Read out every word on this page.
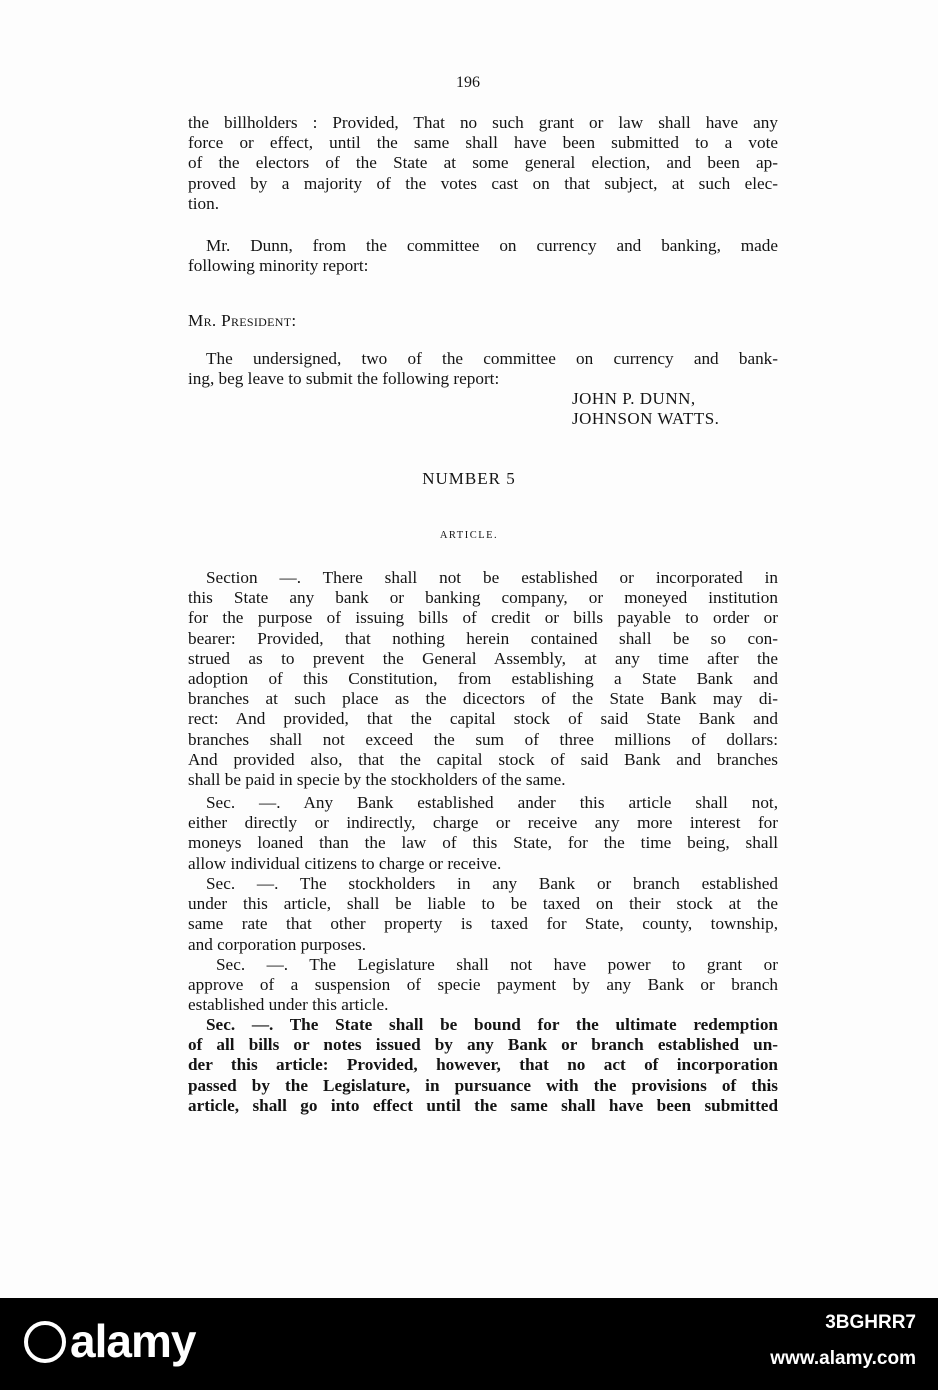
196
the billholders : Provided, That no such grant or law shall have any
force or effect, until the same shall have been submitted to a vote
of the electors of the State at some general election, and been ap-
proved by a majority of the votes cast on that subject, at such elec-
tion.
Mr. Dunn, from the committee on currency and banking, made
following minority report:
Mr. President:
The undersigned, two of the committee on currency and bank-
ing, beg leave to submit the following report:
JOHN P. DUNN,
JOHNSON WATTS.
NUMBER 5
ARTICLE.
Section —. There shall not be established or incorporated in
this State any bank or banking company, or moneyed institution
for the purpose of issuing bills of credit or bills payable to order or
bearer: Provided, that nothing herein contained shall be so con-
strued as to prevent the General Assembly, at any time after the
adoption of this Constitution, from establishing a State Bank and
branches at such place as the dicectors of the State Bank may di-
rect: And provided, that the capital stock of said State Bank and
branches shall not exceed the sum of three millions of dollars:
And provided also, that the capital stock of said Bank and branches
shall be paid in specie by the stockholders of the same.
Sec. —. Any Bank established ander this article shall not,
either directly or indirectly, charge or receive any more interest for
moneys loaned than the law of this State, for the time being, shall
allow individual citizens to charge or receive.
Sec. —. The stockholders in any Bank or branch established
under this article, shall be liable to be taxed on their stock at the
same rate that other property is taxed for State, county, township,
and corporation purposes.
Sec. —. The Legislature shall not have power to grant or
approve of a suspension of specie payment by any Bank or branch
established under this article.
Sec. —. The State shall be bound for the ultimate redemption
of all bills or notes issued by any Bank or branch established un-
der this article: Provided, however, that no act of incorporation
passed by the Legislature, in pursuance with the provisions of this
article, shall go into effect until the same shall have been submitted
alamy	3BGHRR7
www.alamy.com
